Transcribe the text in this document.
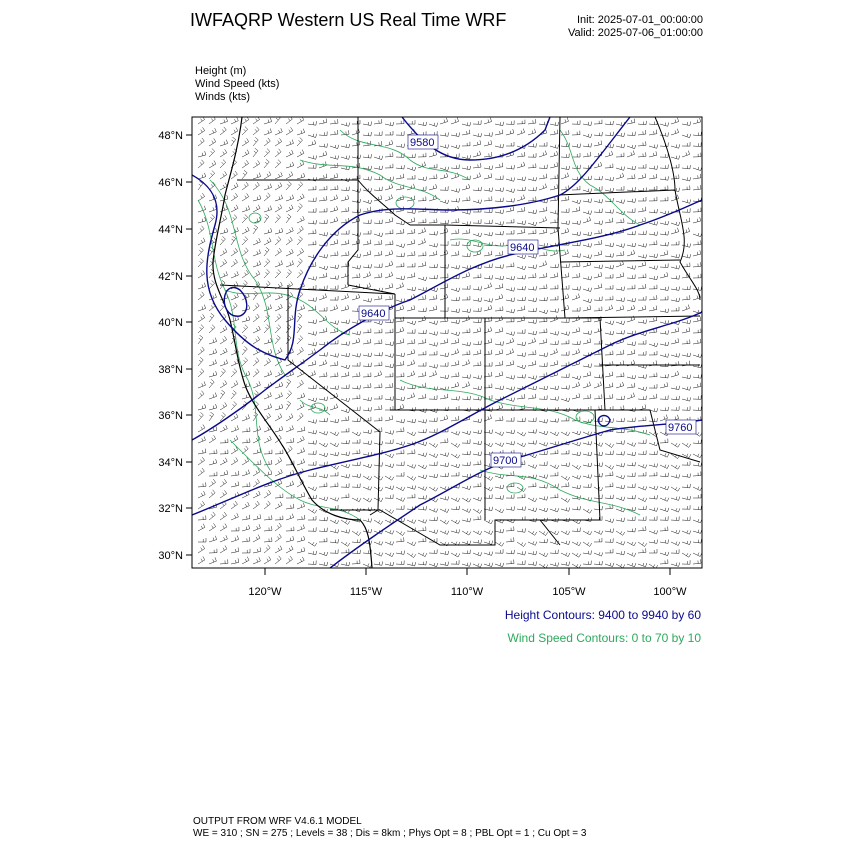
IWFAQRP Western US Real Time WRF	Init: 2025-07-01_00:00:00
Valid: 2025-07-06_01:00:00
Height (m)
Wind Speed (kts)
Winds (kts)
9580
9640
9640
9700
9760
48°N
46°N
44°N
42°N
40°N
38°N
36°N
34°N
32°N
30°N
120°W	115°W	110°W	105°W	100°W
Height Contours: 9400 to 9940 by 60
Wind Speed Contours: 0 to 70 by 10
OUTPUT FROM WRF V4.6.1 MODEL
WE = 310 ; SN = 275 ; Levels = 38 ; Dis = 8km ; Phys Opt = 8 ; PBL Opt = 1 ; Cu Opt = 3
